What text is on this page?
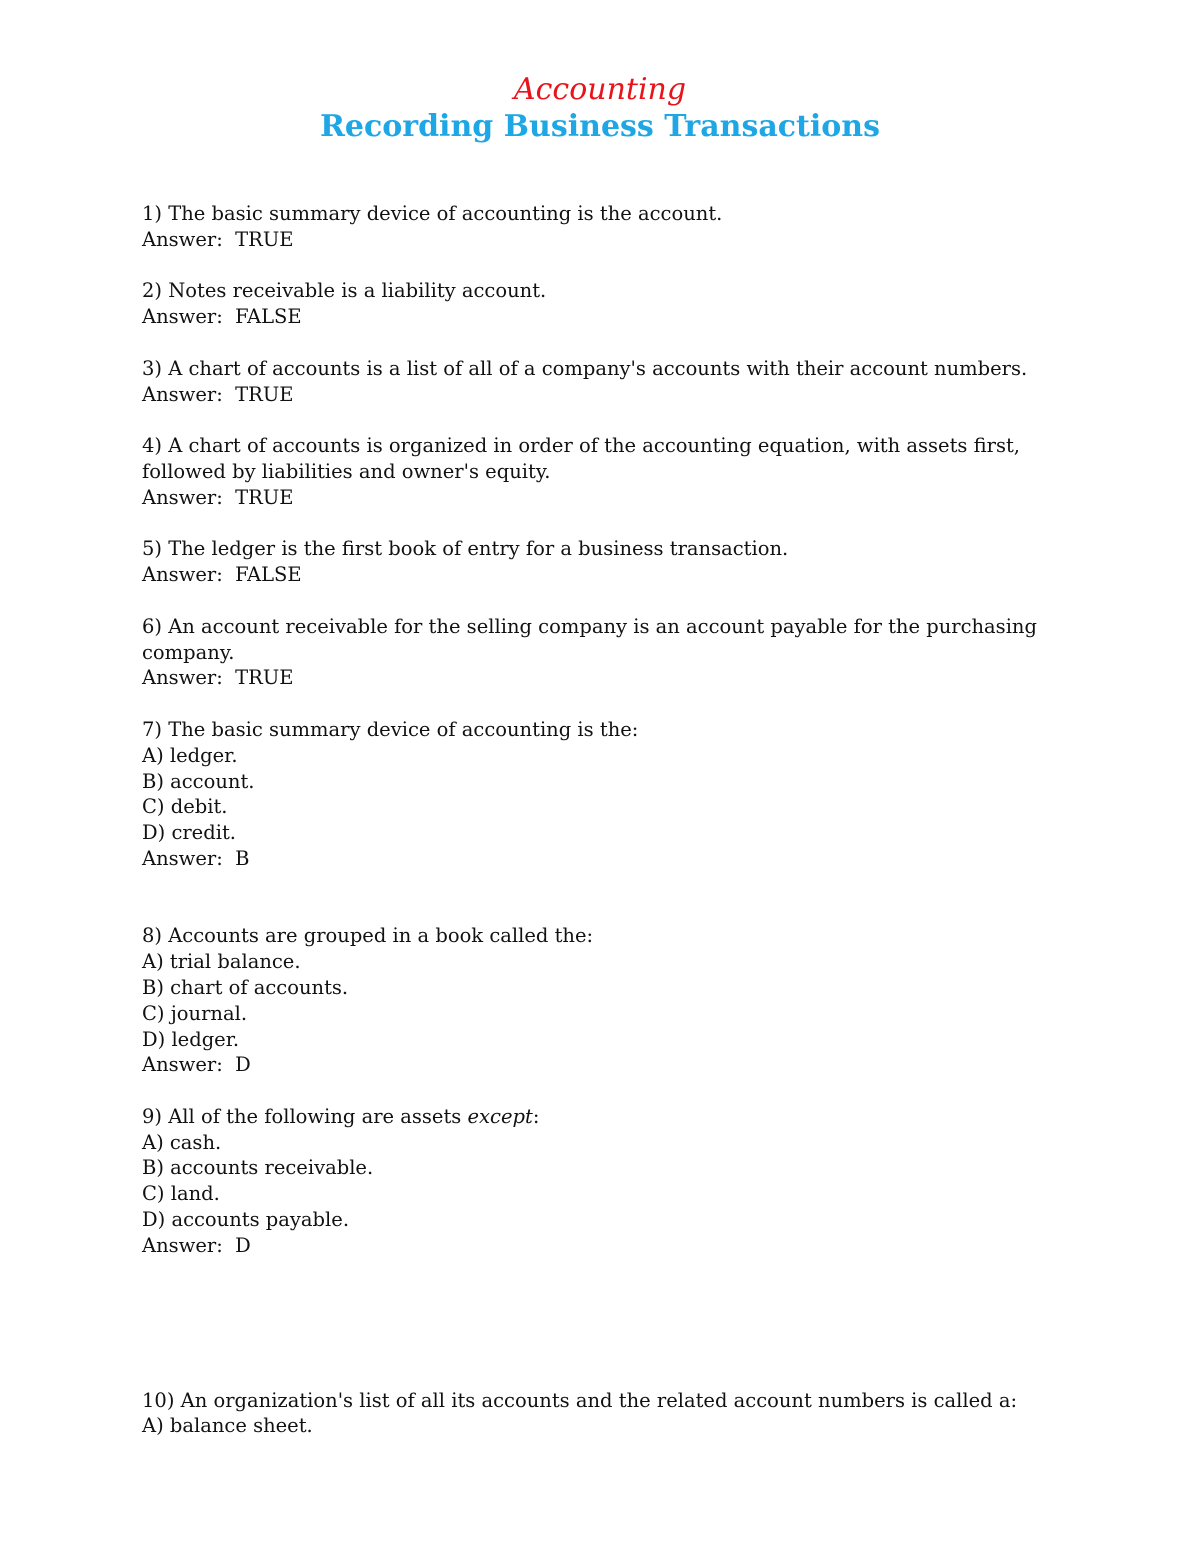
Accounting
Recording Business Transactions
1) The basic summary device of accounting is the account.
Answer:  TRUE
2) Notes receivable is a liability account.
Answer:  FALSE
3) A chart of accounts is a list of all of a company's accounts with their account numbers.
Answer:  TRUE
4) A chart of accounts is organized in order of the accounting equation, with assets first,
followed by liabilities and owner's equity.
Answer:  TRUE
5) The ledger is the first book of entry for a business transaction.
Answer:  FALSE
6) An account receivable for the selling company is an account payable for the purchasing
company.
Answer:  TRUE
7) The basic summary device of accounting is the:
A) ledger.
B) account.
C) debit.
D) credit.
Answer:  B
8) Accounts are grouped in a book called the:
A) trial balance.
B) chart of accounts.
C) journal.
D) ledger.
Answer:  D
9) All of the following are assets except:
A) cash.
B) accounts receivable.
C) land.
D) accounts payable.
Answer:  D
10) An organization's list of all its accounts and the related account numbers is called a:
A) balance sheet.
